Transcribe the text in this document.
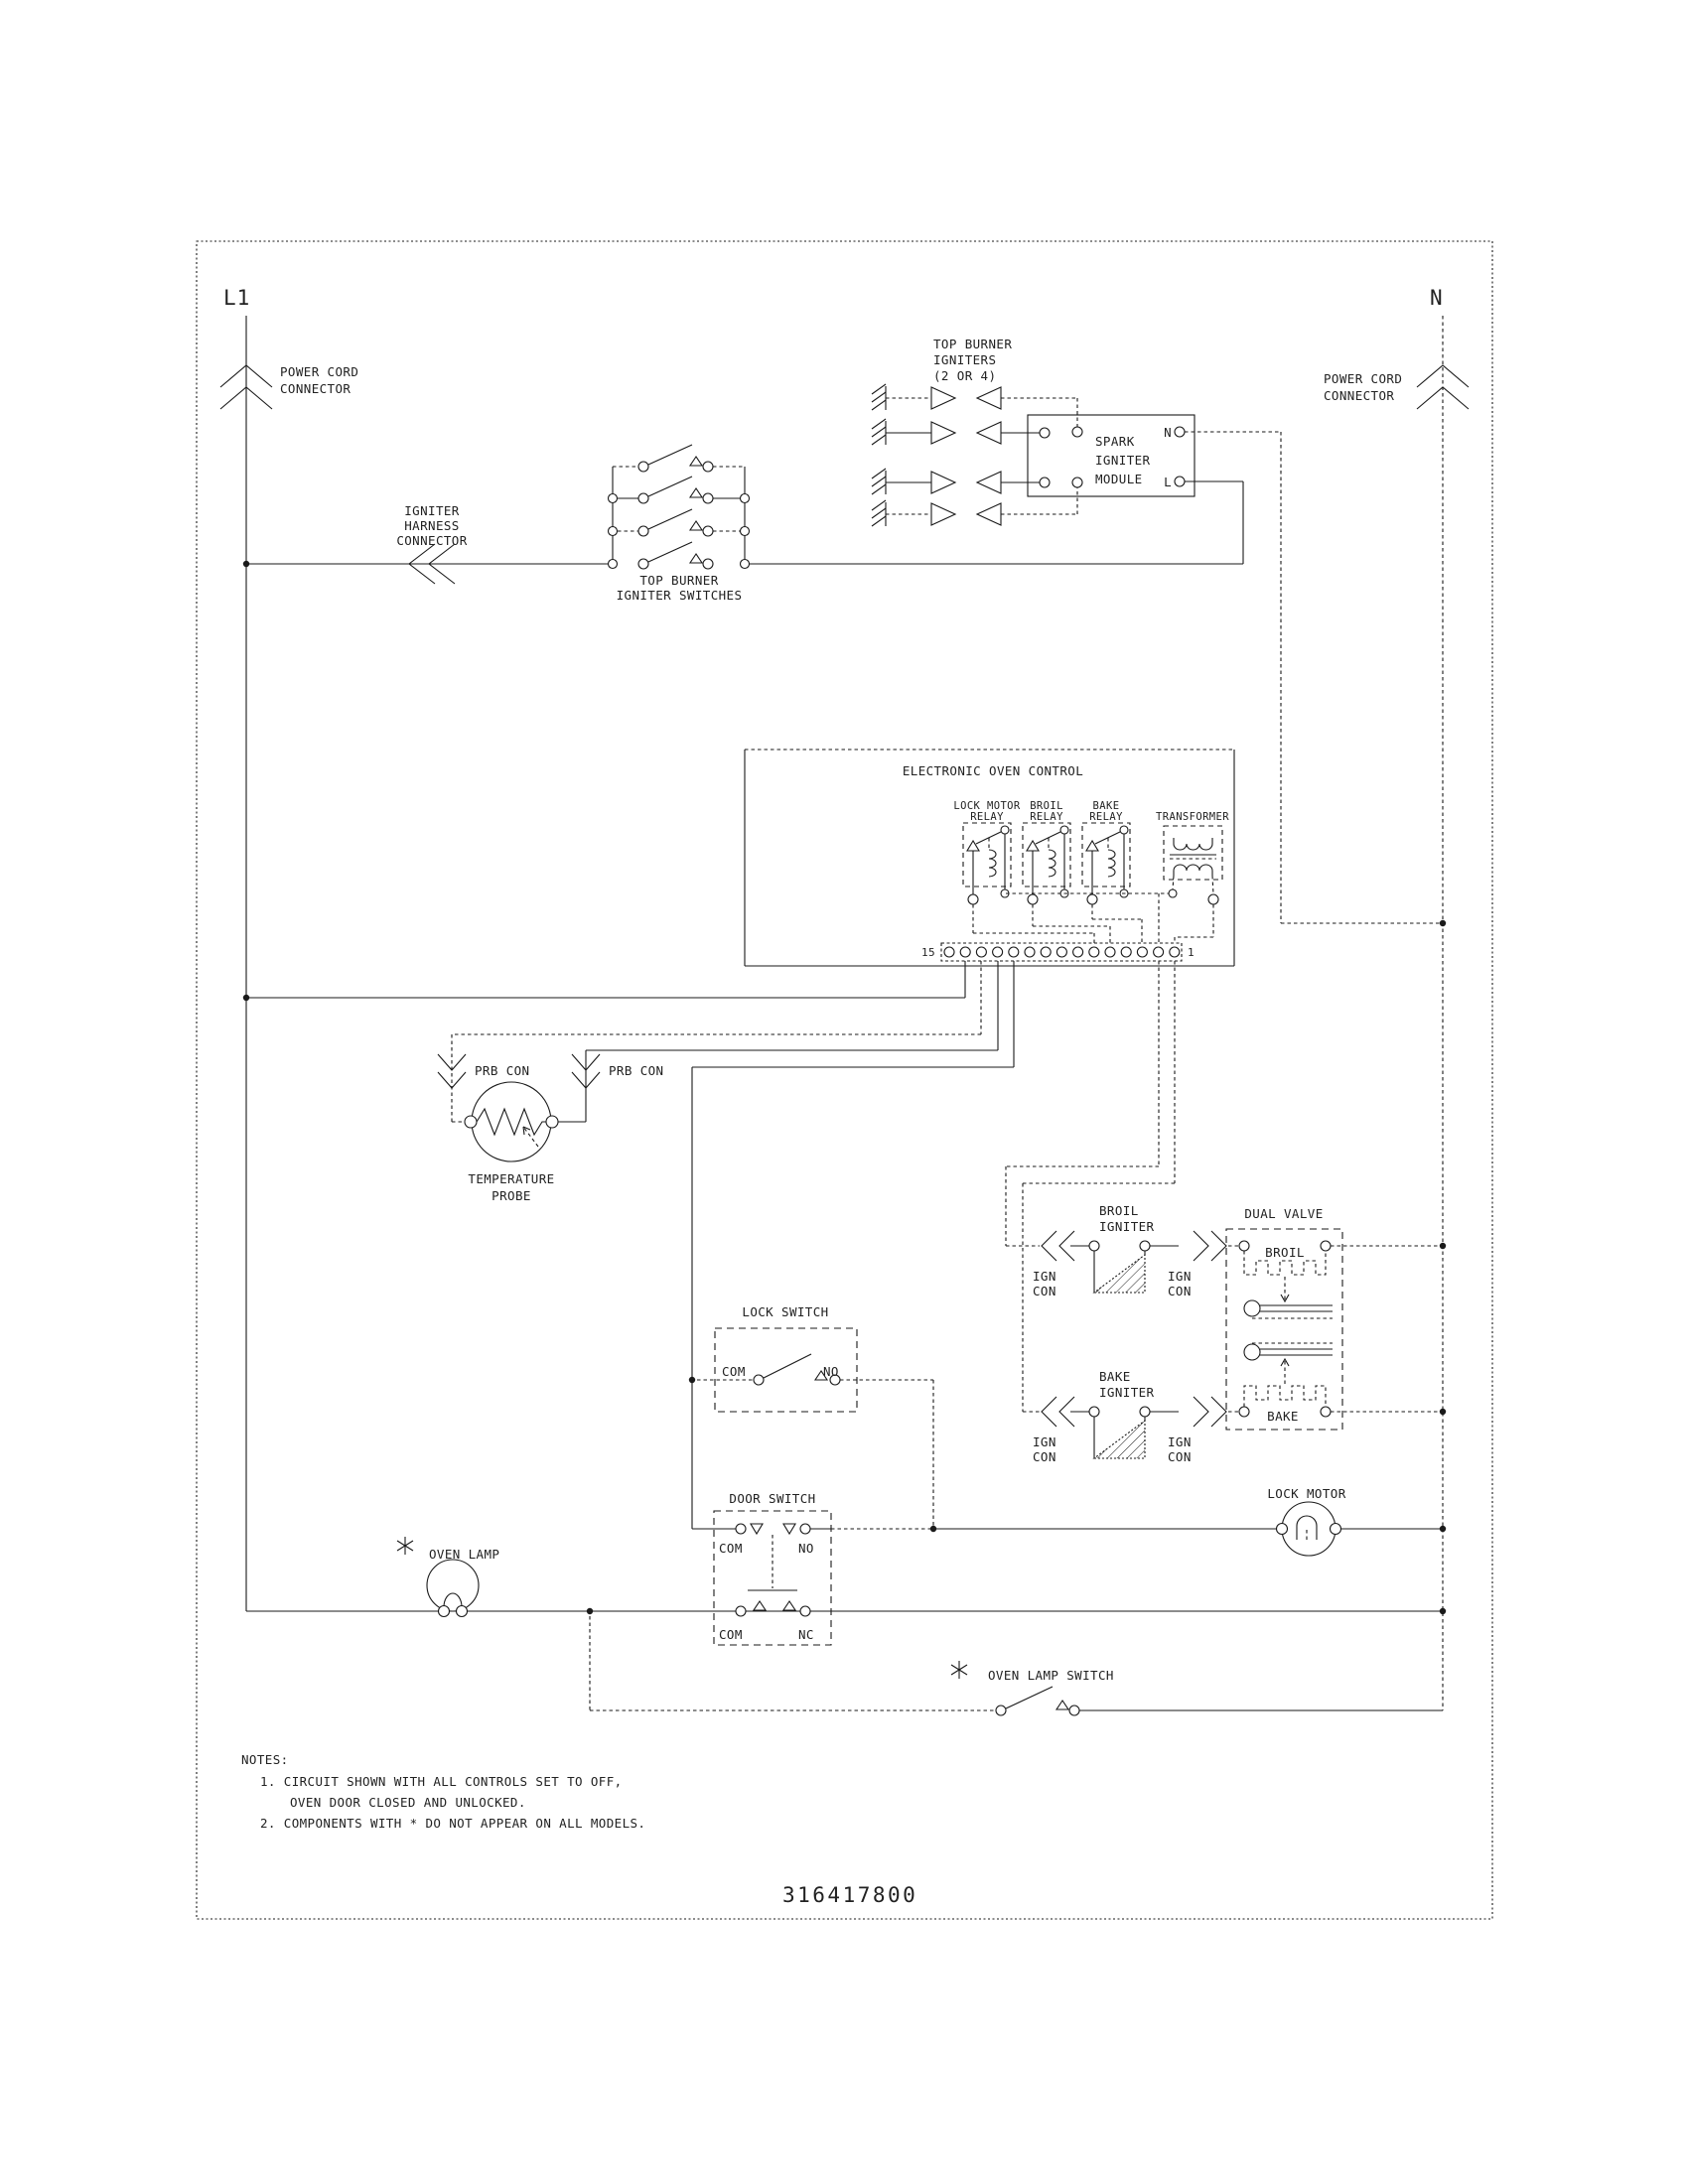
L1	N
POWER CORD
CONNECTOR
POWER CORD
CONNECTOR
TOP BURNER
IGNITERS
(2 OR 4)
SPARK
IGNITER
MODULE
N
L
IGNITER
HARNESS
CONNECTOR
TOP BURNER
IGNITER SWITCHES
ELECTRONIC OVEN CONTROL
LOCK MOTOR
RELAY
BROIL
RELAY
BAKE
RELAY	TRANSFORMER
15	1
PRB CON	PRB CON
TEMPERATURE
PROBE
BROIL
IGNITER
DUAL VALVE
IGN
CON
IGN
CON
BROIL
BAKE
BAKE
IGNITER
IGN
CON
IGN
CON
LOCK SWITCH
COM	NO
DOOR SWITCH
COM	NO
COM	NC
LOCK MOTOR
OVEN LAMP
OVEN LAMP SWITCH
NOTES:
1. CIRCUIT SHOWN WITH ALL CONTROLS SET TO OFF,
OVEN DOOR CLOSED AND UNLOCKED.
2. COMPONENTS WITH * DO NOT APPEAR ON ALL MODELS.
316417800
